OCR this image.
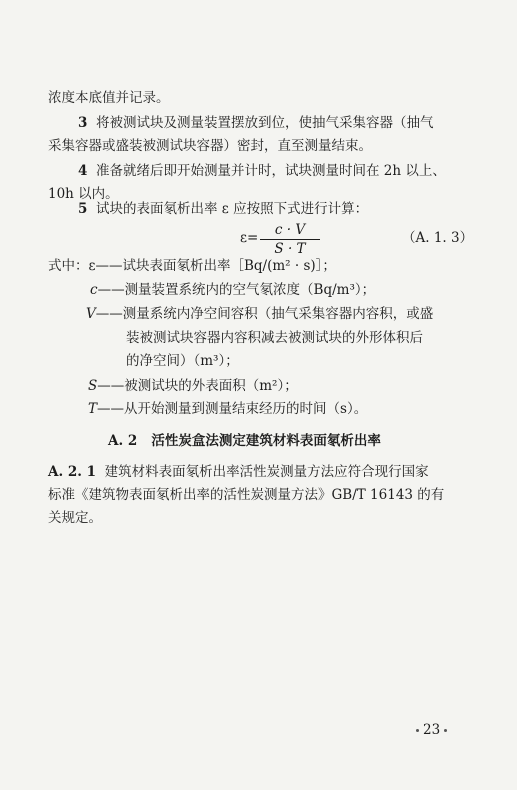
浓度本底值并记录。
3 将被测试块及测量装置摆放到位，使抽气采集容器（抽气
采集容器或盛装被测试块容器）密封，直至测量结束。
4 准备就绪后即开始测量并计时，试块测量时间在 2h 以上、
10h 以内。
5 试块的表面氡析出率 ε 应按照下式进行计算：
ε=	c · V
S · T
（A. 1. 3）
式中：ε——试块表面氡析出率［Bq/(m² · s)］；
c——测量装置系统内的空气氡浓度（Bq/m³）；
V——测量系统内净空间容积（抽气采集容器内容积，或盛
装被测试块容器内容积减去被测试块的外形体积后
的净空间）（m³）；
S——被测试块的外表面积（m²）；
T——从开始测量到测量结束经历的时间（s）。
A. 2   活性炭盒法测定建筑材料表面氡析出率
A. 2. 1 建筑材料表面氡析出率活性炭测量方法应符合现行国家
标准《建筑物表面氡析出率的活性炭测量方法》GB/T 16143 的有
关规定。
23
